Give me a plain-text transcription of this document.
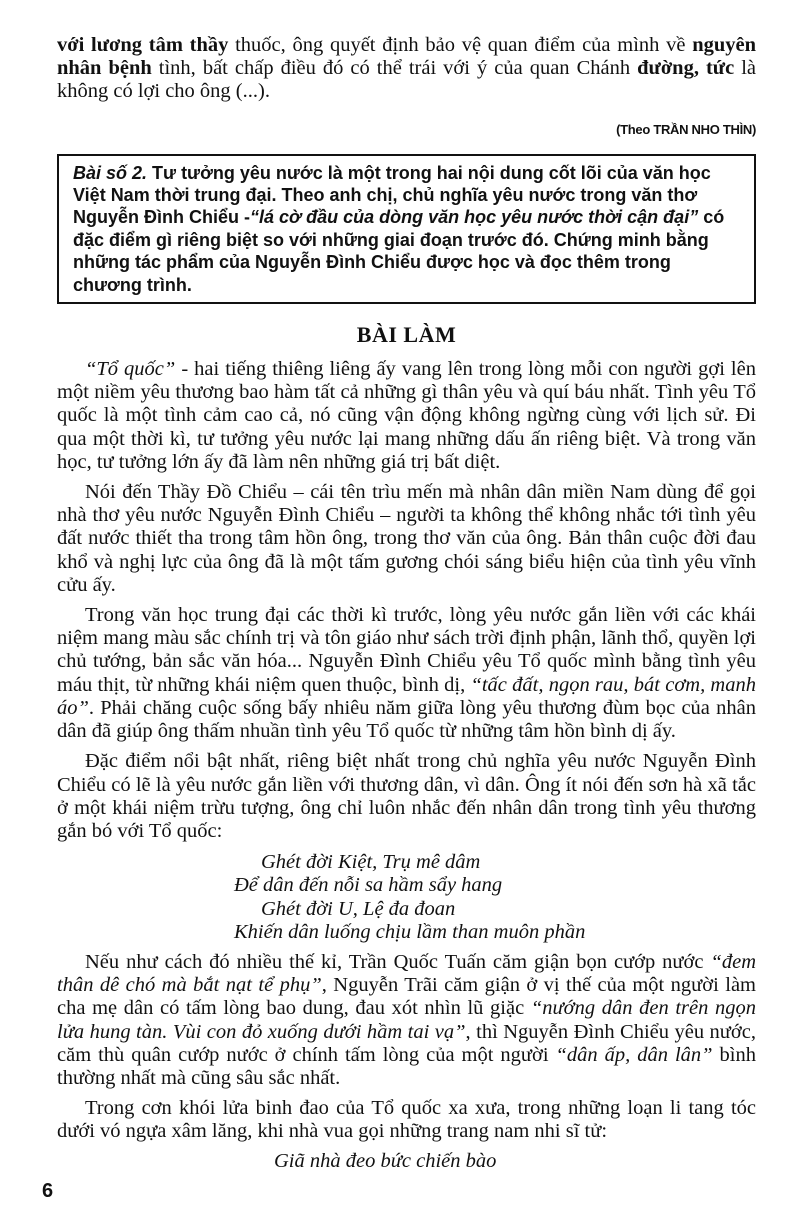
với lương tâm thầy thuốc, ông quyết định bảo vệ quan điểm của mình về nguyên nhân bệnh tình, bất chấp điều đó có thể trái với ý của quan Chánh đường, tức là không có lợi cho ông (...).

(Theo TRẦN NHO THÌN)
Bài số 2. Tư tưởng yêu nước là một trong hai nội dung cốt lõi của văn học Việt Nam thời trung đại. Theo anh chị, chủ nghĩa yêu nước trong văn thơ Nguyễn Đình Chiểu -“lá cờ đầu của dòng văn học yêu nước thời cận đại” có đặc điểm gì riêng biệt so với những giai đoạn trước đó. Chứng minh bằng những tác phẩm của Nguyễn Đình Chiểu được học và đọc thêm trong chương trình.
BÀI LÀM

“Tổ quốc” - hai tiếng thiêng liêng ấy vang lên trong lòng mỗi con người gợi lên một niềm yêu thương bao hàm tất cả những gì thân yêu và quí báu nhất. Tình yêu Tổ quốc là một tình cảm cao cả, nó cũng vận động không ngừng cùng với lịch sử. Đi qua một thời kì, tư tưởng yêu nước lại mang những dấu ấn riêng biệt. Và trong văn học, tư tưởng lớn ấy đã làm nên những giá trị bất diệt.

Nói đến Thầy Đồ Chiểu – cái tên trìu mến mà nhân dân miền Nam dùng để gọi nhà thơ yêu nước Nguyễn Đình Chiểu – người ta không thể không nhắc tới tình yêu đất nước thiết tha trong tâm hồn ông, trong thơ văn của ông. Bản thân cuộc đời đau khổ và nghị lực của ông đã là một tấm gương chói sáng biểu hiện của tình yêu vĩnh cửu ấy.

Trong văn học trung đại các thời kì trước, lòng yêu nước gắn liền với các khái niệm mang màu sắc chính trị và tôn giáo như sách trời định phận, lãnh thổ, quyền lợi chủ tướng, bản sắc văn hóa... Nguyễn Đình Chiểu yêu Tổ quốc mình bằng tình yêu máu thịt, từ những khái niệm quen thuộc, bình dị, “tấc đất, ngọn rau, bát cơm, manh áo”. Phải chăng cuộc sống bấy nhiêu năm giữa lòng yêu thương đùm bọc của nhân dân đã giúp ông thấm nhuần tình yêu Tổ quốc từ những tâm hồn bình dị ấy.

Đặc điểm nổi bật nhất, riêng biệt nhất trong chủ nghĩa yêu nước Nguyễn Đình Chiểu có lẽ là yêu nước gắn liền với thương dân, vì dân. Ông ít nói đến sơn hà xã tắc ở một khái niệm trừu tượng, ông chỉ luôn nhắc đến nhân dân trong tình yêu thương gắn bó với Tổ quốc:

Ghét đời Kiệt, Trụ mê dâm
Để dân đến nỗi sa hầm sẩy hang
Ghét đời U, Lệ đa đoan
Khiến dân luống chịu lầm than muôn phần

Nếu như cách đó nhiều thế kỉ, Trần Quốc Tuấn căm giận bọn cướp nước “đem thân dê chó mà bắt nạt tể phụ”, Nguyễn Trãi căm giận ở vị thế của một người làm cha mẹ dân có tấm lòng bao dung, đau xót nhìn lũ giặc “nướng dân đen trên ngọn lửa hung tàn. Vùi con đỏ xuống dưới hầm tai vạ”, thì Nguyễn Đình Chiểu yêu nước, căm thù quân cướp nước ở chính tấm lòng của một người “dân ấp, dân lân” bình thường nhất mà cũng sâu sắc nhất.

Trong cơn khói lửa binh đao của Tổ quốc xa xưa, trong những loạn li tang tóc dưới vó ngựa xâm lăng, khi nhà vua gọi những trang nam nhi sĩ tử:

Giã nhà đeo bức chiến bào
6
